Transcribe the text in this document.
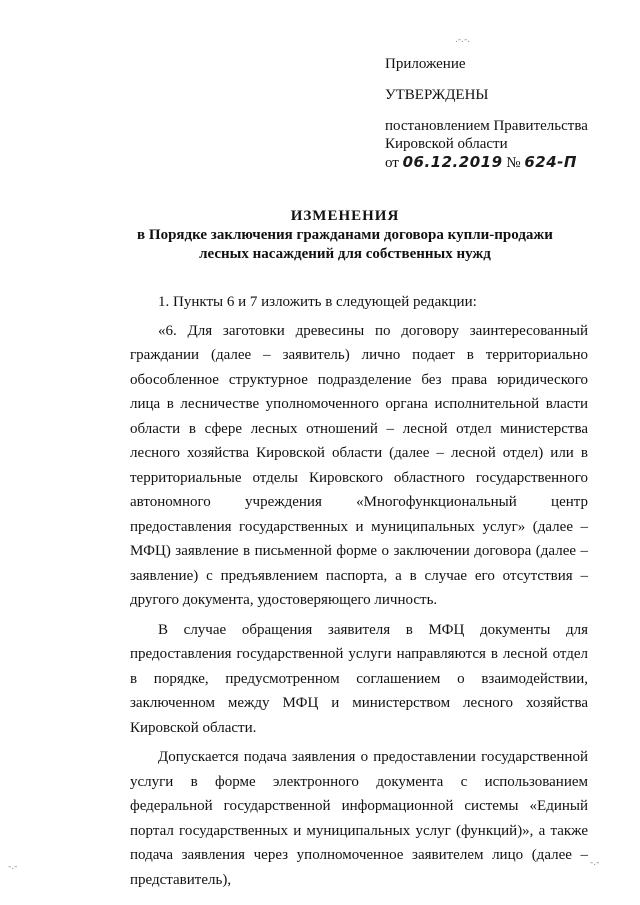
Приложение
УТВЕРЖДЕНЫ
постановлением Правительства
Кировской области
от 06.12.2019 № 624-П
ИЗМЕНЕНИЯ
в Порядке заключения гражданами договора купли-продажи
лесных насаждений для собственных нужд

1. Пункты 6 и 7 изложить в следующей редакции:

«6. Для заготовки древесины по договору заинтересованный граждании (далее – заявитель) лично подает в территориально обособленное структурное подразделение без права юридического лица в лесничестве уполномоченного органа исполнительной власти области в сфере лесных отношений – лесной отдел министерства лесного хозяйства Кировской области (далее – лесной отдел) или в территориальные отделы Кировского областного государственного автономного учреждения «Многофункциональный центр предоставления государственных и муниципальных услуг» (далее – МФЦ) заявление в письменной форме о заключении договора (далее – заявление) с предъявлением паспорта, а в случае его отсутствия – другого документа, удостоверяющего личность.

В случае обращения заявителя в МФЦ документы для предоставления государственной услуги направляются в лесной отдел в порядке, предусмотренном соглашением о взаимодействии, заключенном между МФЦ и министерством лесного хозяйства Кировской области.

Допускается подача заявления о предоставлении государственной услуги в форме электронного документа с использованием федеральной государственной информационной системы «Единый портал государственных и муниципальных услуг (функций)», а также подача заявления через уполномоченное заявителем лицо (далее – представитель),

.-.-.
-.-	-.-
